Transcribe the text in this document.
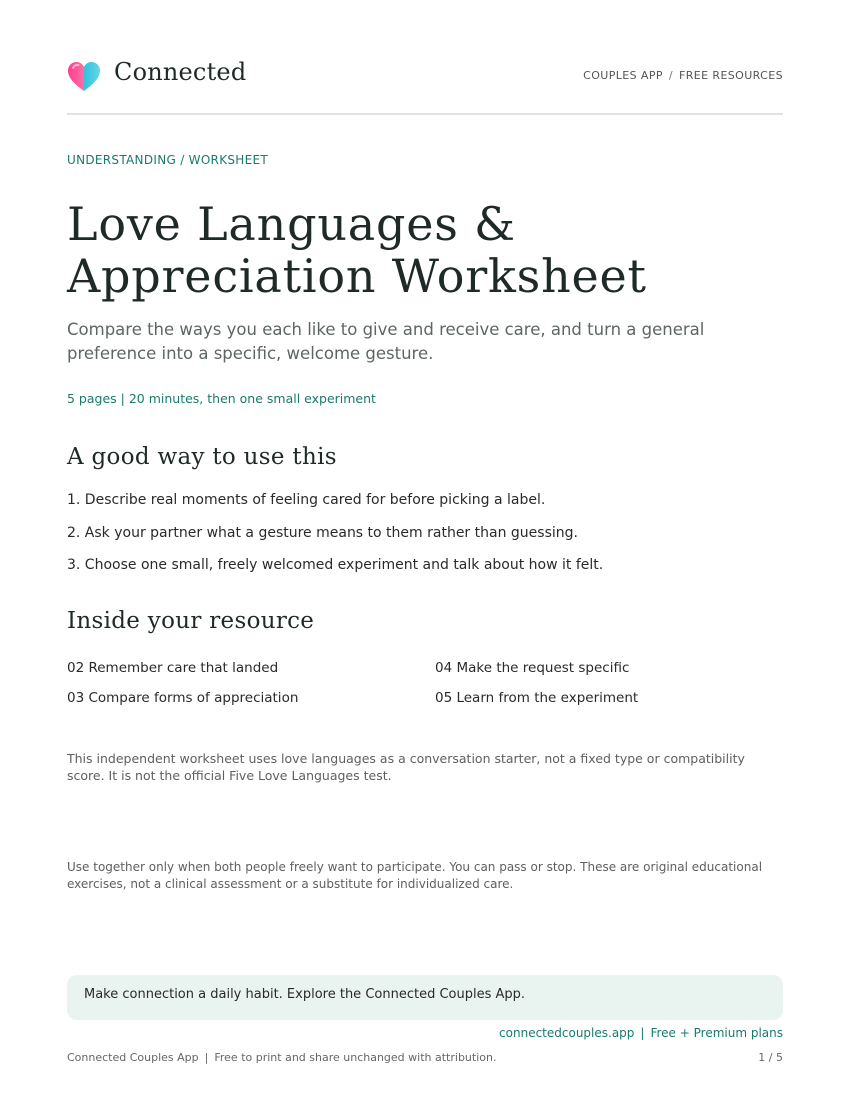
Connected	COUPLES APP / FREE RESOURCES
UNDERSTANDING / WORKSHEET
Love Languages & Appreciation Worksheet

Compare the ways you each like to give and receive care, and turn a general preference into a specific, welcome gesture.

5 pages | 20 minutes, then one small experiment
A good way to use this
1. Describe real moments of feeling cared for before picking a label.
2. Ask your partner what a gesture means to them rather than guessing.
3. Choose one small, freely welcomed experiment and talk about how it felt.
Inside your resource
02 Remember care that landed
03 Compare forms of appreciation
04 Make the request specific
05 Learn from the experiment

This independent worksheet uses love languages as a conversation starter, not a fixed type or compatibility score. It is not the official Five Love Languages test.

Use together only when both people freely want to participate. You can pass or stop. These are original educational exercises, not a clinical assessment or a substitute for individualized care.

Make connection a daily habit. Explore the Connected Couples App.
connectedcouples.app | Free + Premium plans
Connected Couples App | Free to print and share unchanged with attribution.	1 / 5
